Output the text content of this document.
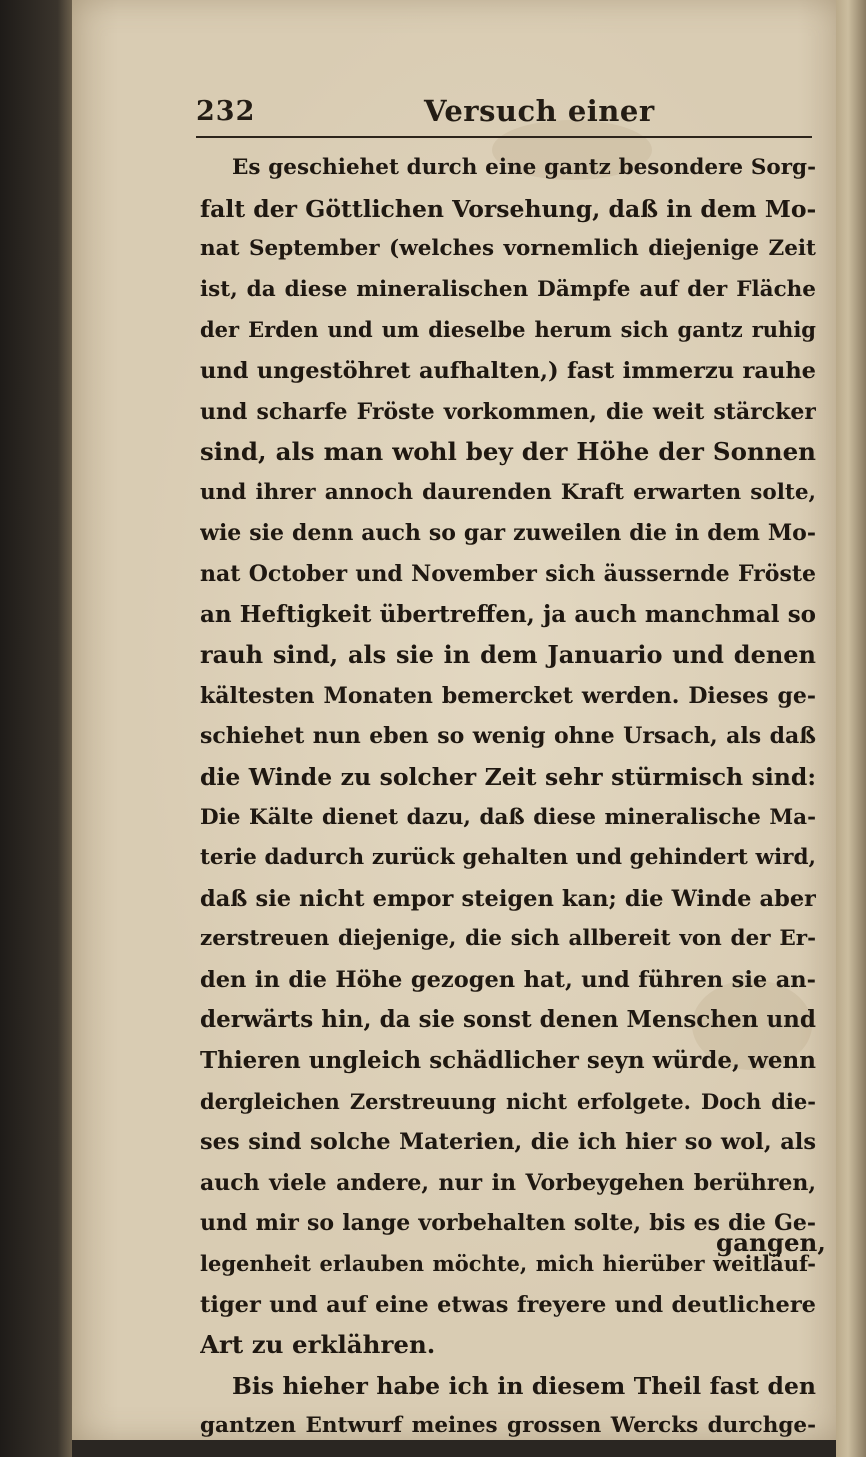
232	Versuch einer
Es geschiehet durch eine gantz besondere Sorg-
falt der Göttlichen Vorsehung, daß in dem Mo-
nat September (welches vornemlich diejenige Zeit
ist, da diese mineralischen Dämpfe auf der Fläche
der Erden und um dieselbe herum sich gantz ruhig
und ungestöhret aufhalten,) fast immerzu rauhe
und scharfe Fröste vorkommen, die weit stärcker
sind, als man wohl bey der Höhe der Sonnen
und ihrer annoch daurenden Kraft erwarten solte,
wie sie denn auch so gar zuweilen die in dem Mo-
nat October und November sich äussernde Fröste
an Heftigkeit übertreffen, ja auch manchmal so
rauh sind, als sie in dem Januario und denen
kältesten Monaten bemercket werden. Dieses ge-
schiehet nun eben so wenig ohne Ursach, als daß
die Winde zu solcher Zeit sehr stürmisch sind:
Die Kälte dienet dazu, daß diese mineralische Ma-
terie dadurch zurück gehalten und gehindert wird,
daß sie nicht empor steigen kan; die Winde aber
zerstreuen diejenige, die sich allbereit von der Er-
den in die Höhe gezogen hat, und führen sie an-
derwärts hin, da sie sonst denen Menschen und
Thieren ungleich schädlicher seyn würde, wenn
dergleichen Zerstreuung nicht erfolgete. Doch die-
ses sind solche Materien, die ich hier so wol, als
auch viele andere, nur in Vorbeygehen berühren,
und mir so lange vorbehalten solte, bis es die Ge-
legenheit erlauben möchte, mich hierüber weitläuf-
tiger und auf eine etwas freyere und deutlichere
Art zu erklähren.
Bis hieher habe ich in diesem Theil fast den
gantzen Entwurf meines grossen Wercks durchge-
gangen,
